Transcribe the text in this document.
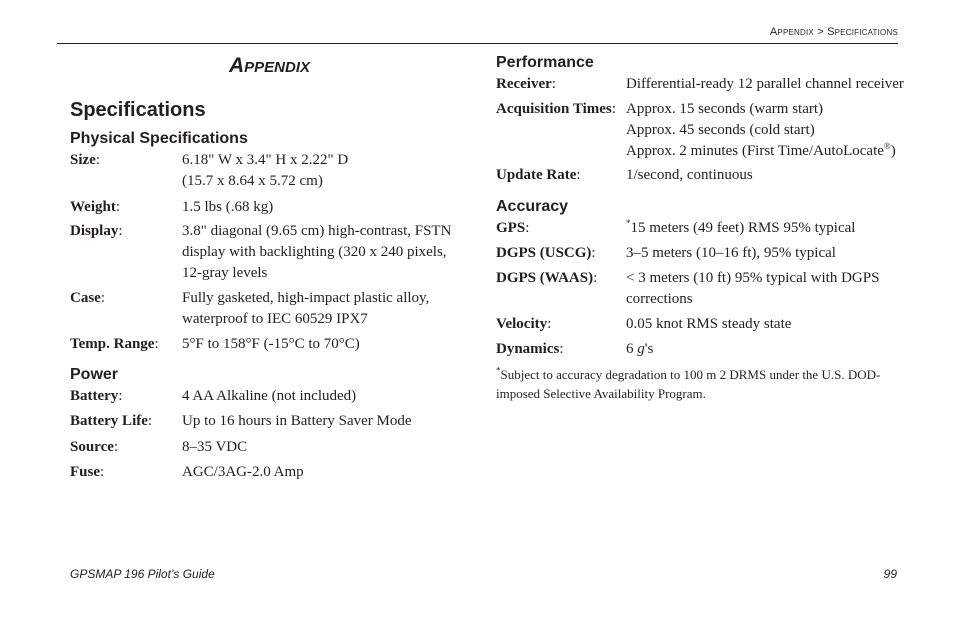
Appendix > Specifications
Appendix
Specifications
Physical Specifications
Size:	6.18" W x 3.4" H x 2.22" D
(15.7 x 8.64 x 5.72 cm)
Weight:	1.5 lbs (.68 kg)
Display:	3.8" diagonal (9.65 cm) high-contrast, FSTN
display with backlighting (320 x 240 pixels,
12-gray levels
Case:	Fully gasketed, high-impact plastic alloy,
waterproof to IEC 60529 IPX7
Temp. Range: 5°F to 158°F (-15°C to 70°C)
Power
Battery:	4 AA Alkaline (not included)
Battery Life: Up to 16 hours in Battery Saver Mode
Source:	8–35 VDC
Fuse:	AGC/3AG-2.0 Amp
Performance
Receiver:	Differential-ready 12 parallel channel receiver
Acquisition Times: Approx. 15 seconds (warm start)
Approx. 45 seconds (cold start)
Approx. 2 minutes (First Time/AutoLocate®)
Update Rate:	1/second, continuous
Accuracy
GPS:	*15 meters (49 feet) RMS 95% typical
DGPS (USCG): 3–5 meters (10–16 ft), 95% typical
DGPS (WAAS): < 3 meters (10 ft) 95% typical with DGPS
corrections
Velocity:	0.05 knot RMS steady state
Dynamics:	6 g's
*Subject to accuracy degradation to 100 m 2 DRMS under the U.S. DOD-
imposed Selective Availability Program.
GPSMAP 196 Pilot’s Guide	99
